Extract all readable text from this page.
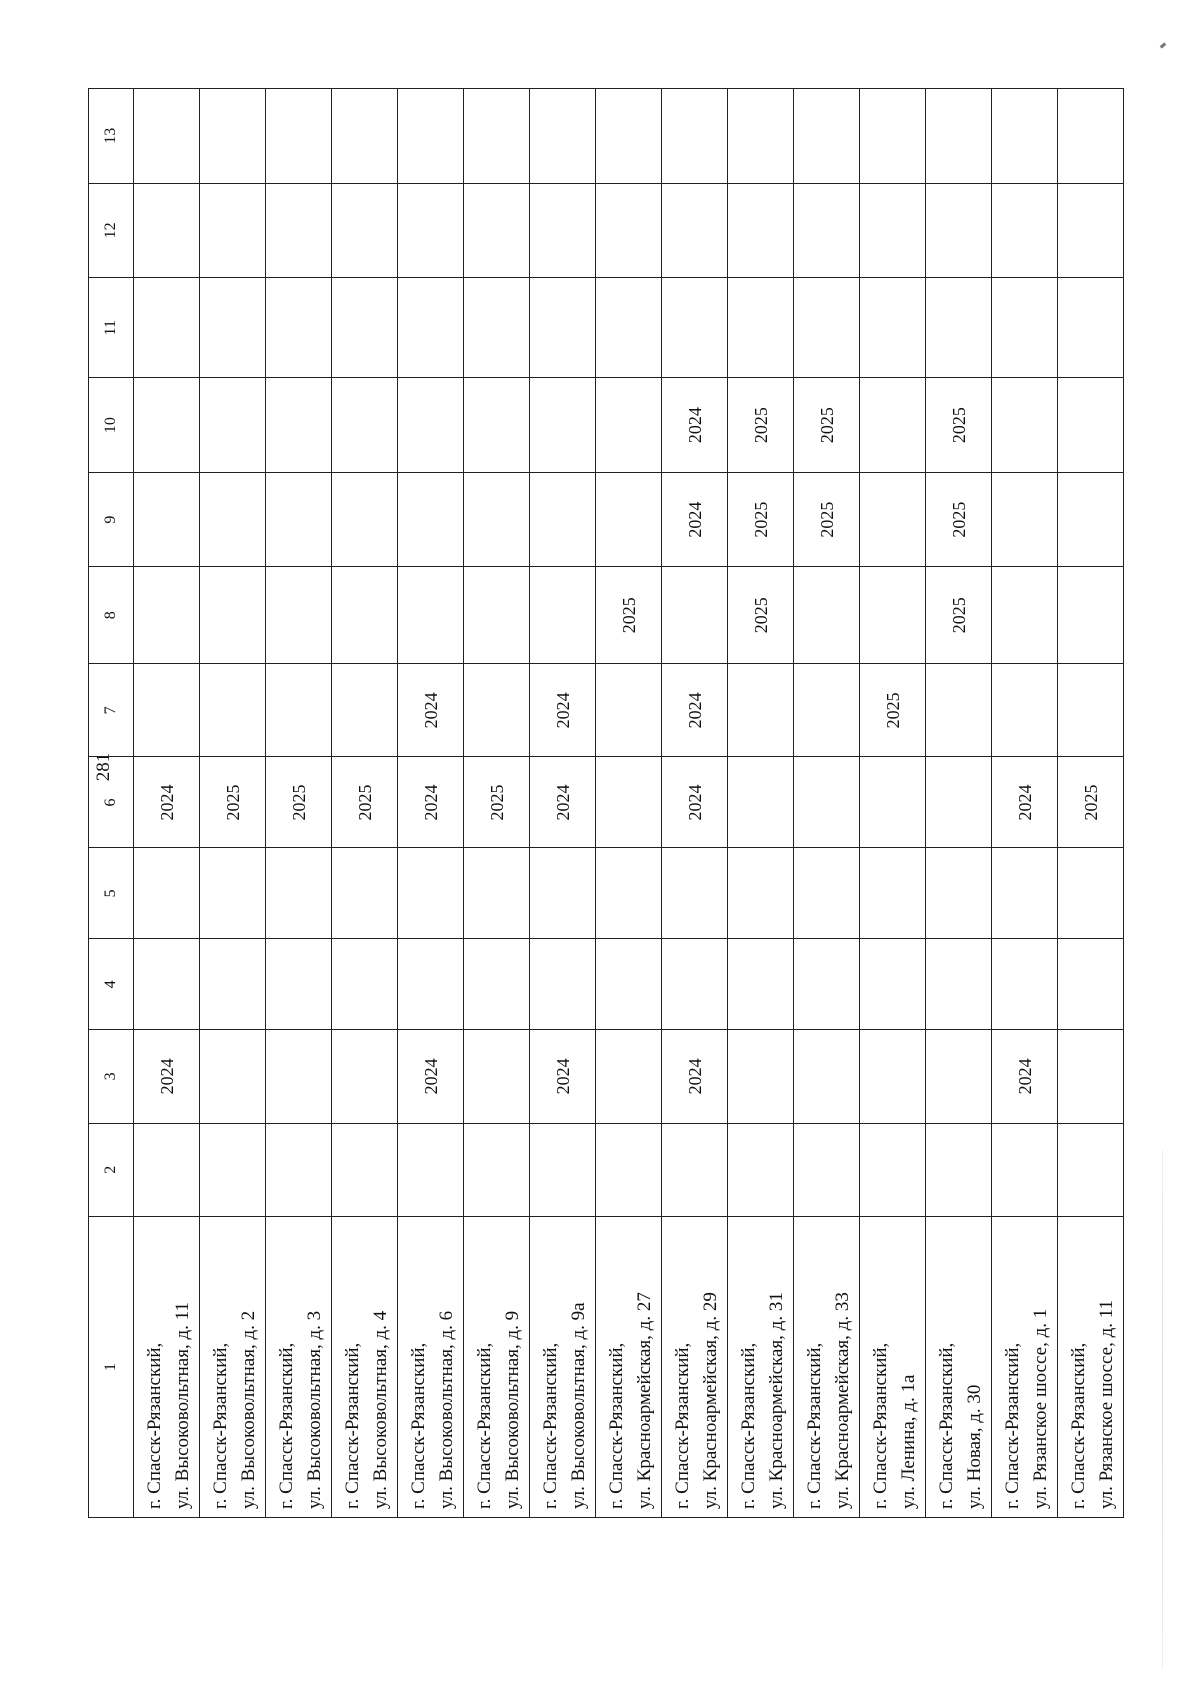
281
1	2	3	4	5	6	7	8	9	10	11	12	13

г. Спасск-Рязанский, ул. Высоковольтная, д. 11		2024			2024							

г. Спасск-Рязанский, ул. Высоковольтная, д. 2					2025							

г. Спасск-Рязанский, ул. Высоковольтная, д. 3					2025							

г. Спасск-Рязанский, ул. Высоковольтная, д. 4					2025							

г. Спасск-Рязанский, ул. Высоковольтная, д. 6		2024			2024	2024						

г. Спасск-Рязанский, ул. Высоковольтная, д. 9					2025							

г. Спасск-Рязанский, ул. Высоковольтная, д. 9а		2024			2024	2024						

г. Спасск-Рязанский, ул. Красноармейская, д. 27							2025					

г. Спасск-Рязанский, ул. Красноармейская, д. 29		2024			2024	2024		2024	2024			

г. Спасск-Рязанский, ул. Красноармейская, д. 31							2025	2025	2025			

г. Спасск-Рязанский, ул. Красноармейская, д. 33								2025	2025			

г. Спасск-Рязанский, ул. Ленина, д. 1а						2025						

г. Спасск-Рязанский, ул. Новая, д. 30							2025	2025	2025			

г. Спасск-Рязанский, ул. Рязанское шоссе, д. 1		2024			2024							

г. Спасск-Рязанский, ул. Рязанское шоссе, д. 11					2025							
